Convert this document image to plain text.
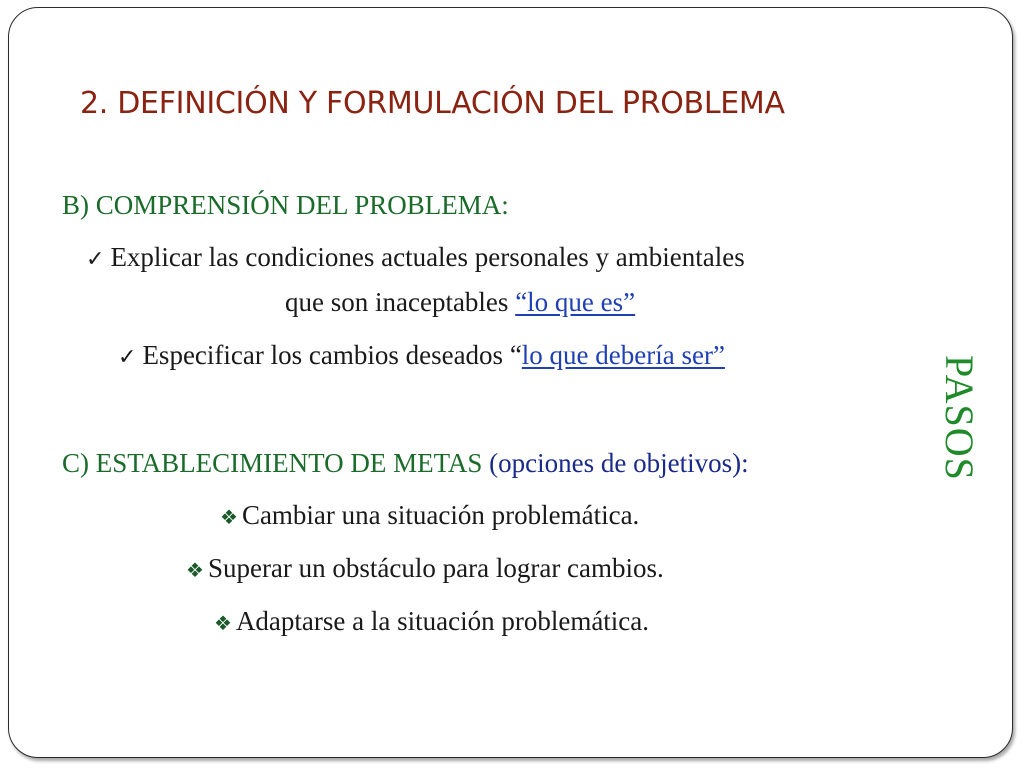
2. DEFINICIÓN Y FORMULACIÓN DEL PROBLEMA
B) COMPRENSIÓN DEL PROBLEMA:
✓ Explicar las condiciones actuales personales y ambientales
que son inaceptables “lo que es”
✓ Especificar los cambios deseados “lo que debería ser”
C) ESTABLECIMIENTO DE METAS (opciones de objetivos):
❖ Cambiar una situación problemática.
❖ Superar un obstáculo para lograr cambios.
❖ Adaptarse a la situación problemática.
PASOS
